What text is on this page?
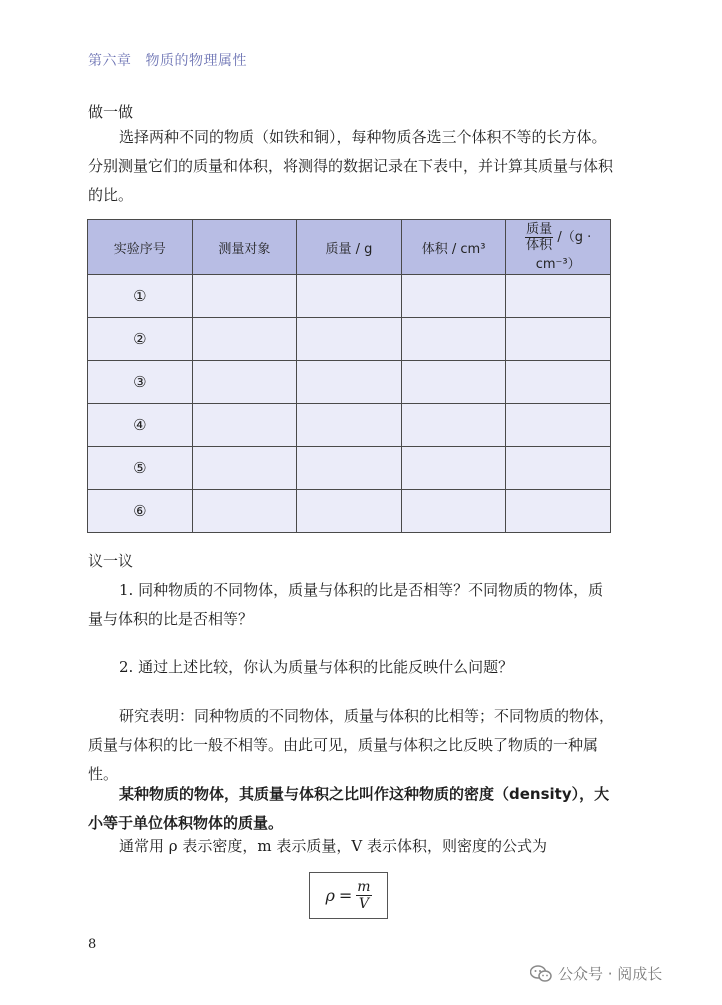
第六章 物质的物理属性
做一做
选择两种不同的物质（如铁和铜），每种物质各选三个体积不等的长方体。分别测量它们的质量和体积，将测得的数据记录在下表中，并计算其质量与体积的比。
实验序号	测量对象	质量 / g	体积 / cm³	$\frac{\text{质量}}{\text{体积}} /(g \cdot cm^{-3})$
①				
②				
③				
④				
⑤				
⑥				
议一议
1. 同种物质的不同物体，质量与体积的比是否相等？不同物质的物体，质量与体积的比是否相等？
2. 通过上述比较，你认为质量与体积的比能反映什么问题？
研究表明：同种物质的不同物体，质量与体积的比相等；不同物质的物体，质量与体积的比一般不相等。由此可见，质量与体积之比反映了物质的一种属性。
某种物质的物体，其质量与体积之比叫作这种物质的密度（density），大小等于单位体积物体的质量。
通常用 ρ 表示密度，m 表示质量，V 表示体积，则密度的公式为
$\rho = \frac{m}{V}$
8
公众号 · 阅成长
